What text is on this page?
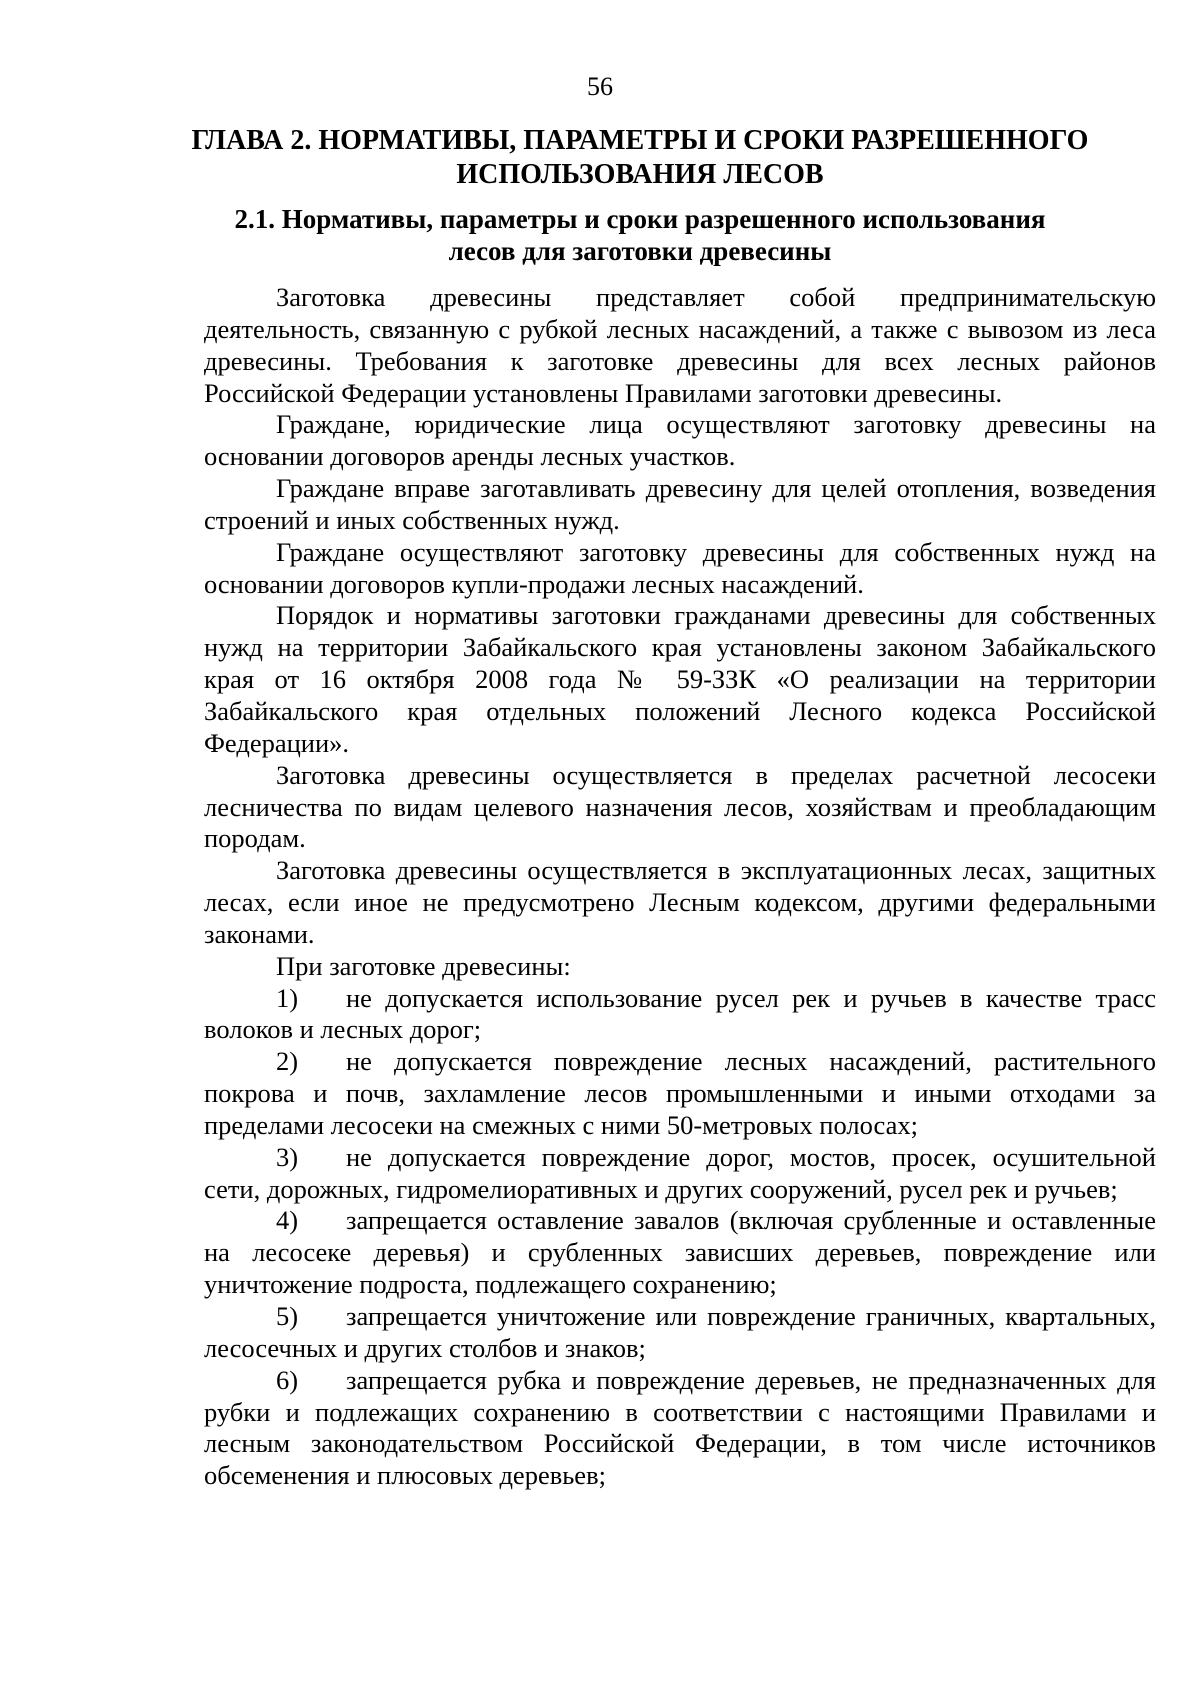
56
ГЛАВА 2. НОРМАТИВЫ, ПАРАМЕТРЫ И СРОКИ РАЗРЕШЕННОГО ИСПОЛЬЗОВАНИЯ ЛЕСОВ
2.1. Нормативы, параметры и сроки разрешенного использования лесов для заготовки древесины

Заготовка древесины представляет собой предпринимательскую деятельность, связанную с рубкой лесных насаждений, а также с вывозом из леса древесины. Требования к заготовке древесины для всех лесных районов Российской Федерации установлены Правилами заготовки древесины.

Граждане, юридические лица осуществляют заготовку древесины на основании договоров аренды лесных участков.

Граждане вправе заготавливать древесину для целей отопления, возведения строений и иных собственных нужд.

Граждане осуществляют заготовку древесины для собственных нужд на основании договоров купли-продажи лесных насаждений.

Порядок и нормативы заготовки гражданами древесины для собственных нужд на территории Забайкальского края установлены законом Забайкальского края от 16 октября 2008 года № 59-ЗЗК «О реализации на территории Забайкальского края отдельных положений Лесного кодекса Российской Федерации».

Заготовка древесины осуществляется в пределах расчетной лесосеки лесничества по видам целевого назначения лесов, хозяйствам и преобладающим породам.

Заготовка древесины осуществляется в эксплуатационных лесах, защитных лесах, если иное не предусмотрено Лесным кодексом, другими федеральными законами.

При заготовке древесины:

1) не допускается использование русел рек и ручьев в качестве трасс волоков и лесных дорог;

2) не допускается повреждение лесных насаждений, растительного покрова и почв, захламление лесов промышленными и иными отходами за пределами лесосеки на смежных с ними 50-метровых полосах;

3) не допускается повреждение дорог, мостов, просек, осушительной сети, дорожных, гидромелиоративных и других сооружений, русел рек и ручьев;

4) запрещается оставление завалов (включая срубленные и оставленные на лесосеке деревья) и срубленных зависших деревьев, повреждение или уничтожение подроста, подлежащего сохранению;

5) запрещается уничтожение или повреждение граничных, квартальных, лесосечных и других столбов и знаков;

6) запрещается рубка и повреждение деревьев, не предназначенных для рубки и подлежащих сохранению в соответствии с настоящими Правилами и лесным законодательством Российской Федерации, в том числе источников обсеменения и плюсовых деревьев;
